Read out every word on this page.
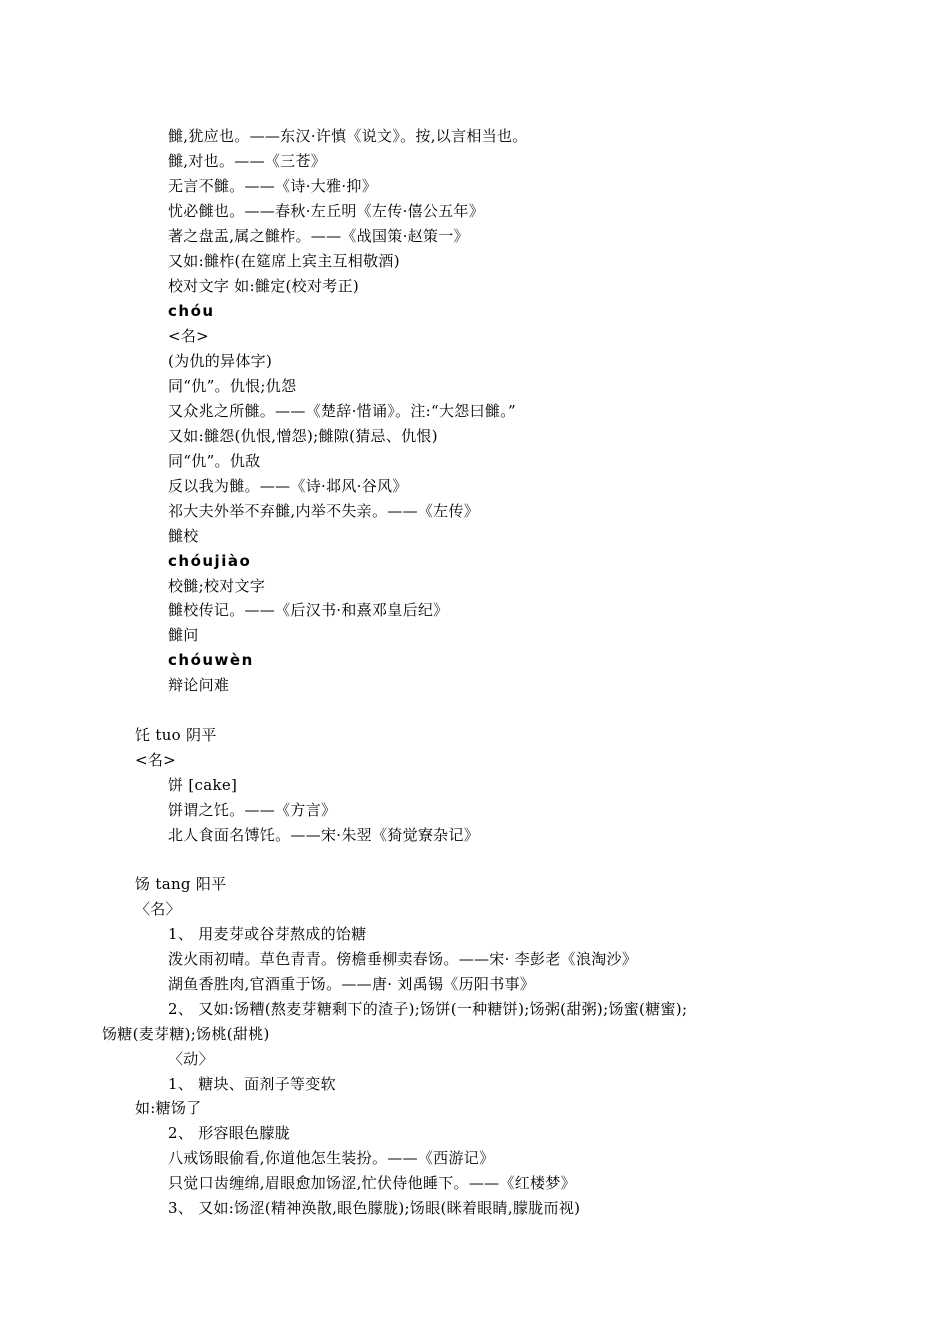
雠,犹应也。——东汉·许慎《说文》。按,以言相当也。
雠,对也。——《三苍》
无言不雠。——《诗·大雅·抑》
忧必雠也。——春秋·左丘明《左传·僖公五年》
著之盘盂,属之雠柞。——《战国策·赵策一》
又如:雠柞(在筵席上宾主互相敬酒)
校对文字 如:雠定(校对考正)
chóu
<名>
(为仇的异体字)
同“仇”。仇恨;仇怨
又众兆之所雠。——《楚辞·惜诵》。注:“大怨曰雠。”
又如:雠怨(仇恨,憎怨);雠隙(猜忌、仇恨)
同“仇”。仇敌
反以我为雠。——《诗·邶风·谷风》
祁大夫外举不弃雠,内举不失亲。——《左传》
雠校
chóujiào
校雠;校对文字
雠校传记。——《后汉书·和熹邓皇后纪》
雠问
chóuwèn
辩论问难
饦 tuo 阴平
<名>
饼 [cake]
饼谓之饦。——《方言》
北人食面名馎饦。——宋·朱翌《猗觉寮杂记》
饧 tang 阳平
〈名〉
1、 用麦芽或谷芽熬成的饴糖
泼火雨初晴。草色青青。傍檐垂柳卖春饧。——宋· 李彭老《浪淘沙》
湖鱼香胜肉,官酒重于饧。——唐· 刘禹锡《历阳书事》
2、 又如:饧糟(熬麦芽糖剩下的渣子);饧饼(一种糖饼);饧粥(甜粥);饧蜜(糖蜜);
饧糖(麦芽糖);饧桃(甜桃)
〈动〉
1、 糖块、面剂子等变软
如:糖饧了
2、 形容眼色朦胧
八戒饧眼偷看,你道他怎生装扮。——《西游记》
只觉口齿缠绵,眉眼愈加饧涩,忙伏侍他睡下。——《红楼梦》
3、 又如:饧涩(精神涣散,眼色朦胧);饧眼(眯着眼睛,朦胧而视)
